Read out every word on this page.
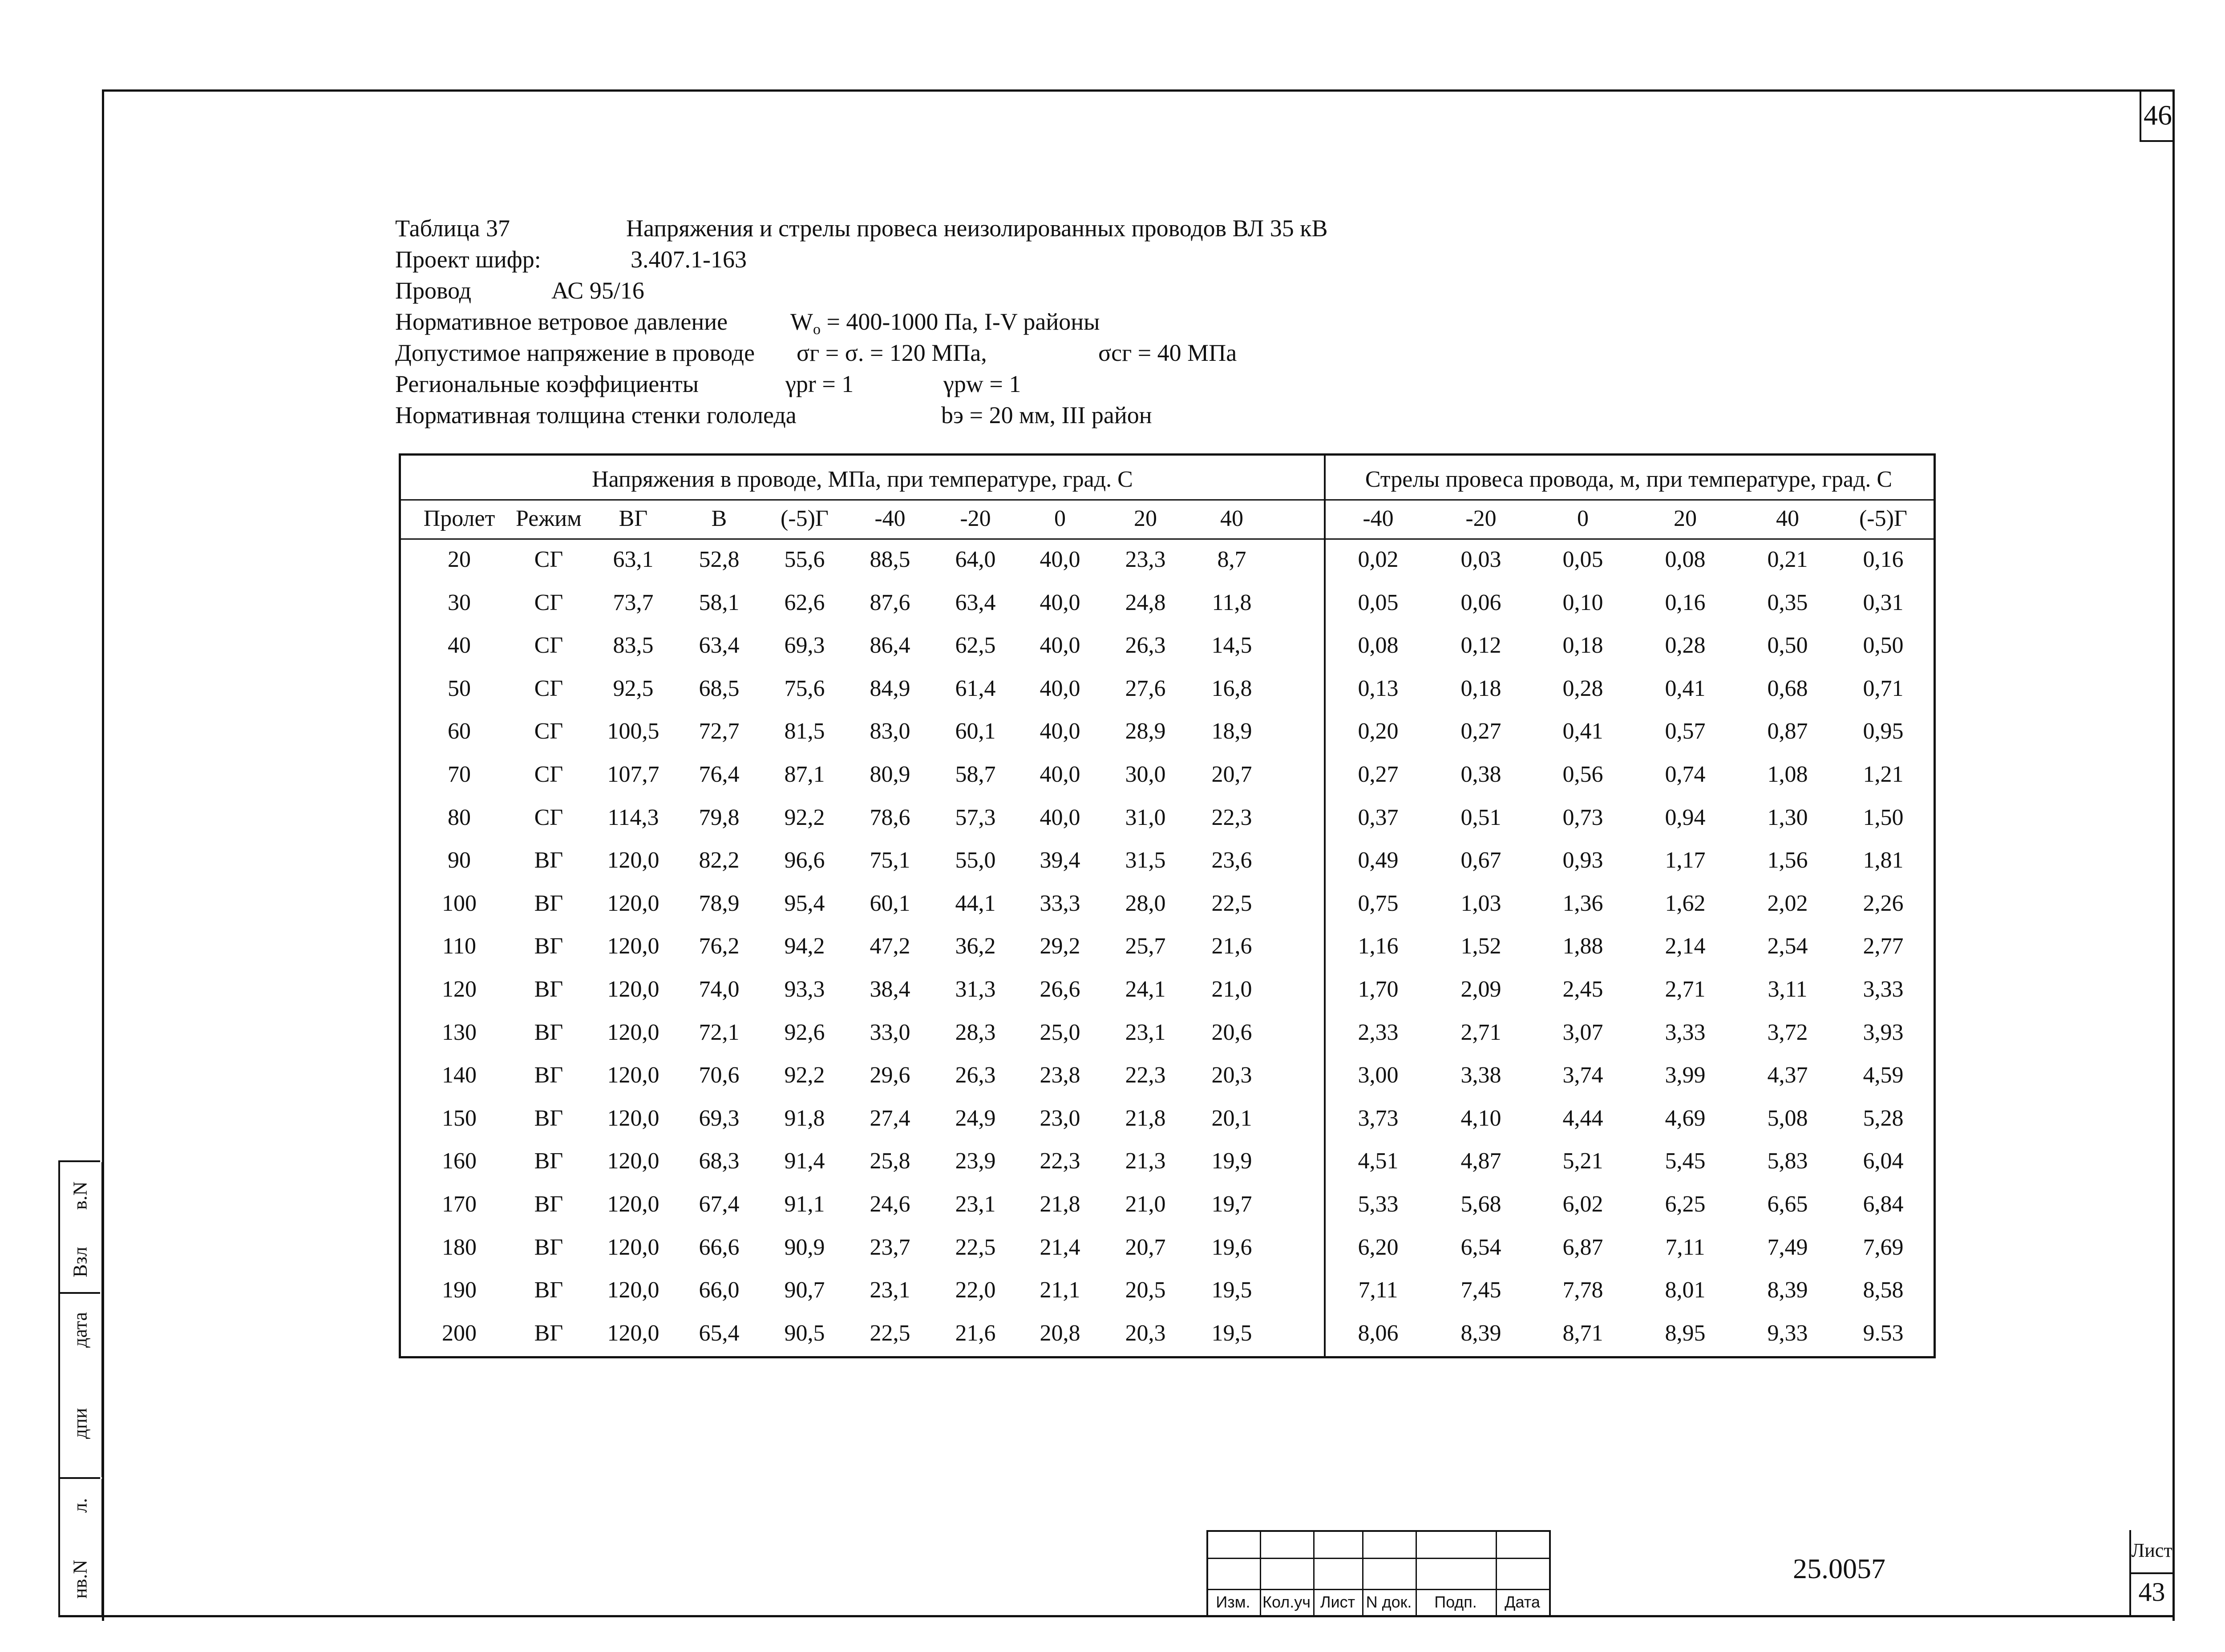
46
Таблица 37	Напряжения и стрелы провеса неизолированных проводов ВЛ 35 кВ
Проект шифр:	3.407.1-163
Провод	АС 95/16
Нормативное ветровое давление	$W_o = 400-1000$ Па, I-V районы
Допустимое напряжение в проводе σг = σ. = 120 МПа,	σсг = 40 МПа
Региональные коэффициенты	γpr = 1	γpw = 1
Нормативная толщина стенки гололеда	bэ = 20 мм, III район
Напряжения в проводе, МПа, при температуре, град. С	Стрелы провеса провода, м, при температуре, град. С
Пролет Режим	ВГ	В	(-5)Г	-40	-20	0	20	40	-40	-20	0	20	40	(-5)Г
20	СГ	63,1	52,8	55,6	88,5	64,0	40,0	23,3	8,7	0,02	0,03	0,05	0,08	0,21	0,16
30	СГ	73,7	58,1	62,6	87,6	63,4	40,0	24,8	11,8	0,05	0,06	0,10	0,16	0,35	0,31
40	СГ	83,5	63,4	69,3	86,4	62,5	40,0	26,3	14,5	0,08	0,12	0,18	0,28	0,50	0,50
50	СГ	92,5	68,5	75,6	84,9	61,4	40,0	27,6	16,8	0,13	0,18	0,28	0,41	0,68	0,71
60	СГ	100,5	72,7	81,5	83,0	60,1	40,0	28,9	18,9	0,20	0,27	0,41	0,57	0,87	0,95
70	СГ	107,7	76,4	87,1	80,9	58,7	40,0	30,0	20,7	0,27	0,38	0,56	0,74	1,08	1,21
80	СГ	114,3	79,8	92,2	78,6	57,3	40,0	31,0	22,3	0,37	0,51	0,73	0,94	1,30	1,50
90	ВГ	120,0	82,2	96,6	75,1	55,0	39,4	31,5	23,6	0,49	0,67	0,93	1,17	1,56	1,81
100	ВГ	120,0	78,9	95,4	60,1	44,1	33,3	28,0	22,5	0,75	1,03	1,36	1,62	2,02	2,26
110	ВГ	120,0	76,2	94,2	47,2	36,2	29,2	25,7	21,6	1,16	1,52	1,88	2,14	2,54	2,77
120	ВГ	120,0	74,0	93,3	38,4	31,3	26,6	24,1	21,0	1,70	2,09	2,45	2,71	3,11	3,33
130	ВГ	120,0	72,1	92,6	33,0	28,3	25,0	23,1	20,6	2,33	2,71	3,07	3,33	3,72	3,93
140	ВГ	120,0	70,6	92,2	29,6	26,3	23,8	22,3	20,3	3,00	3,38	3,74	3,99	4,37	4,59
150	ВГ	120,0	69,3	91,8	27,4	24,9	23,0	21,8	20,1	3,73	4,10	4,44	4,69	5,08	5,28
160	ВГ	120,0	68,3	91,4	25,8	23,9	22,3	21,3	19,9	4,51	4,87	5,21	5,45	5,83	6,04
170	ВГ	120,0	67,4	91,1	24,6	23,1	21,8	21,0	19,7	5,33	5,68	6,02	6,25	6,65	6,84
180	ВГ	120,0	66,6	90,9	23,7	22,5	21,4	20,7	19,6	6,20	6,54	6,87	7,11	7,49	7,69
190	ВГ	120,0	66,0	90,7	23,1	22,0	21,1	20,5	19,5	7,11	7,45	7,78	8,01	8,39	8,58
200	ВГ	120,0	65,4	90,5	22,5	21,6	20,8	20,3	19,5	8,06	8,39	8,71	8,95	9,33	9.53
в.N
Взл
дата
дпи
л.
нв.N
Изм. Кол.уч Лист N док.	Подп.	Дата
25.0057
Лист
43
